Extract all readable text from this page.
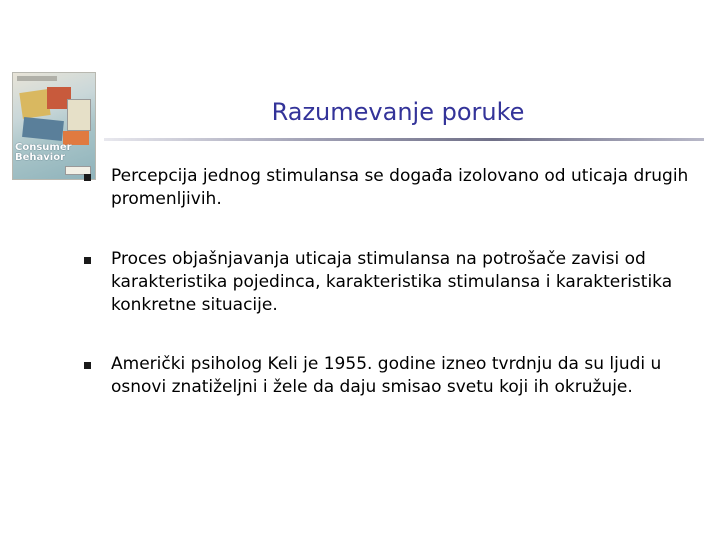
Consumer Behavior
Razumevanje poruke
Percepcija jednog stimulansa se događa izolovano od uticaja drugih promenljivih.
Proces objašnjavanja uticaja stimulansa na potrošače zavisi od karakteristika pojedinca, karakteristika stimulansa i karakteristika konkretne situacije.
Američki psiholog Keli je 1955. godine izneo tvrdnju da su ljudi u osnovi znatiželjni i žele da daju smisao svetu koji ih okružuje.
